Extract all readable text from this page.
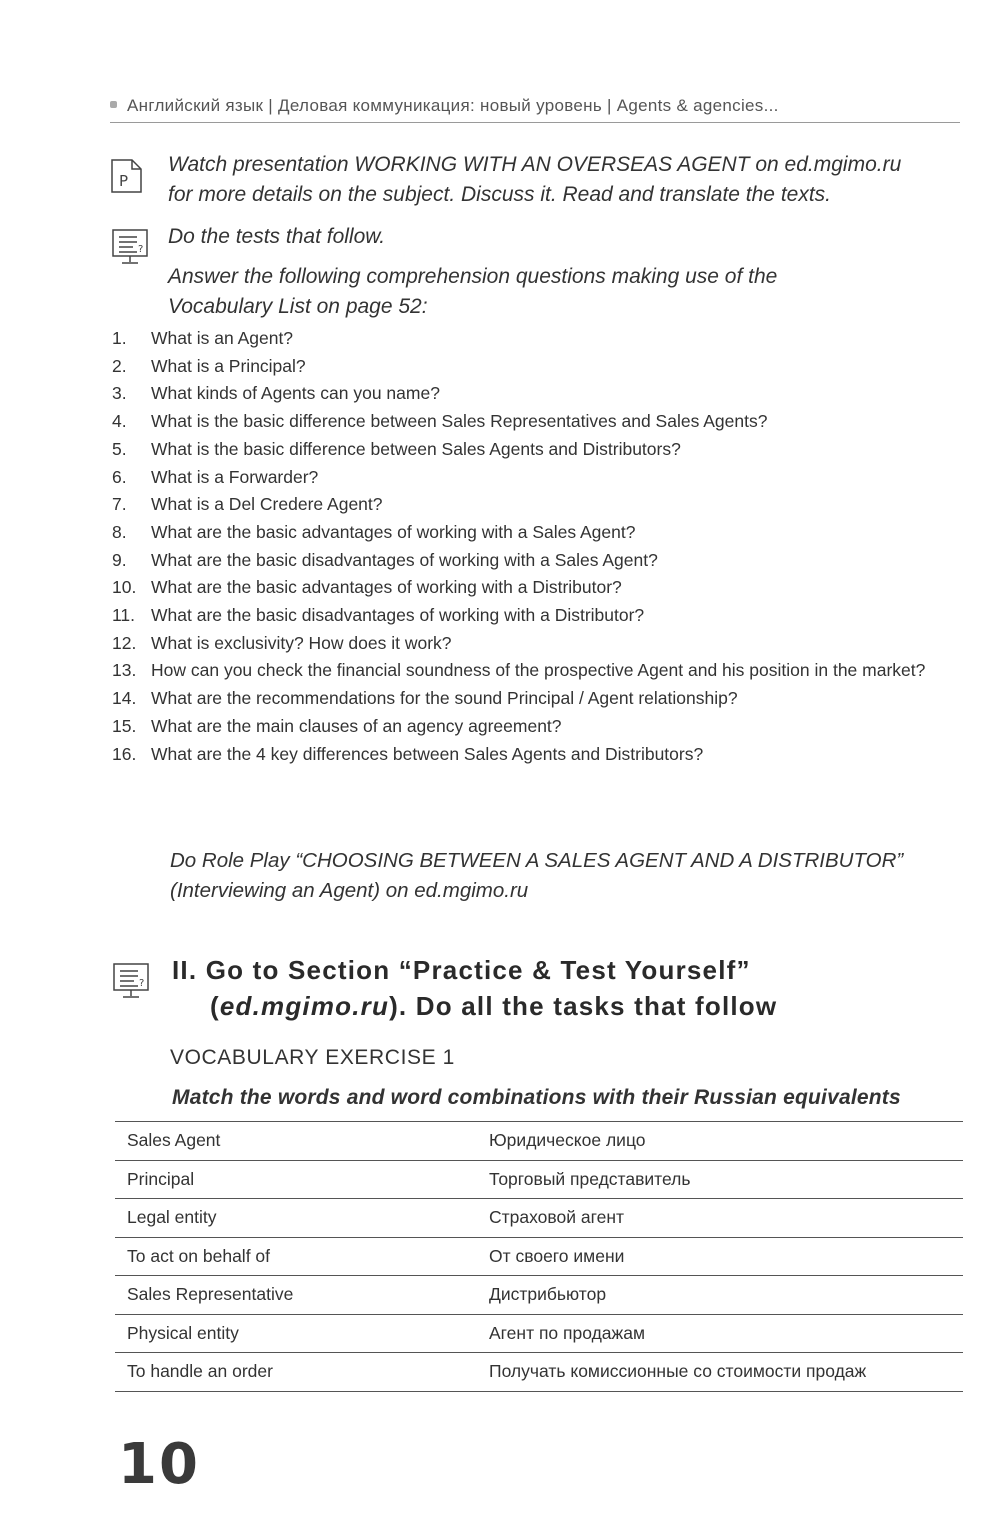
Английский язык | Деловая коммуникация: новый уровень | Agents & agencies...
P
Watch presentation WORKING WITH AN OVERSEAS AGENT on ed.mgimo.ru
for more details on the subject. Discuss it. Read and translate the texts.
?
Do the tests that follow.
Answer the following comprehension questions making use of the
Vocabulary List on page 52:
1. What is an Agent?
2. What is a Principal?
3. What kinds of Agents can you name?
4. What is the basic difference between Sales Representatives and Sales Agents?
5. What is the basic difference between Sales Agents and Distributors?
6. What is a Forwarder?
7. What is a Del Credere Agent?
8. What are the basic advantages of working with a Sales Agent?
9. What are the basic disadvantages of working with a Sales Agent?
10. What are the basic advantages of working with a Distributor?
11. What are the basic disadvantages of working with a Distributor?
12. What is exclusivity? How does it work?
13. How can you check the financial soundness of the prospective Agent and his position in the market?
14. What are the recommendations for the sound Principal / Agent relationship?
15. What are the main clauses of an agency agreement?
16. What are the 4 key differences between Sales Agents and Distributors?
Do Role Play “CHOOSING BETWEEN A SALES AGENT AND A DISTRIBUTOR”
(Interviewing an Agent) on ed.mgimo.ru
? II. Go to Section “Practice & Test Yourself”
(ed.mgimo.ru). Do all the tasks that follow
VOCABULARY EXERCISE 1
Match the words and word combinations with their Russian equivalents
Sales Agent	Юридическое лицо
Principal	Торговый представитель
Legal entity	Страховой агент
To act on behalf of	От своего имени
Sales Representative	Дистрибьютор
Physical entity	Агент по продажам
To handle an order	Получать комиссионные со стоимости продаж
10
